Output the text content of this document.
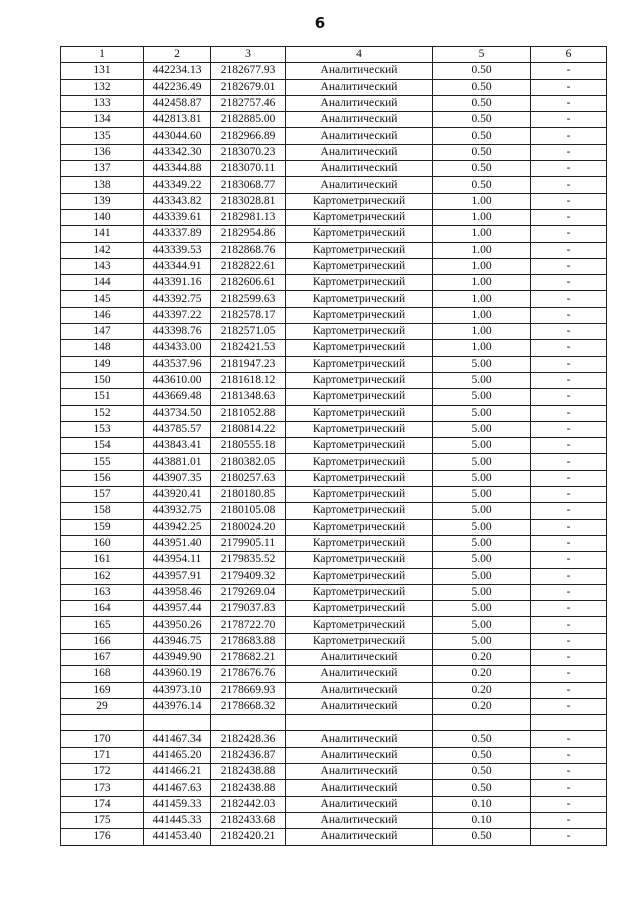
6
1	2	3	4	5	6
131	442234.13	2182677.93	Аналитический	0.50	-
132	442236.49	2182679.01	Аналитический	0.50	-
133	442458.87	2182757.46	Аналитический	0.50	-
134	442813.81	2182885.00	Аналитический	0.50	-
135	443044.60	2182966.89	Аналитический	0.50	-
136	443342.30	2183070.23	Аналитический	0.50	-
137	443344.88	2183070.11	Аналитический	0.50	-
138	443349.22	2183068.77	Аналитический	0.50	-
139	443343.82	2183028.81	Картометрический	1.00	-
140	443339.61	2182981.13	Картометрический	1.00	-
141	443337.89	2182954.86	Картометрический	1.00	-
142	443339.53	2182868.76	Картометрический	1.00	-
143	443344.91	2182822.61	Картометрический	1.00	-
144	443391.16	2182606.61	Картометрический	1.00	-
145	443392.75	2182599.63	Картометрический	1.00	-
146	443397.22	2182578.17	Картометрический	1.00	-
147	443398.76	2182571.05	Картометрический	1.00	-
148	443433.00	2182421.53	Картометрический	1.00	-
149	443537.96	2181947.23	Картометрический	5.00	-
150	443610.00	2181618.12	Картометрический	5.00	-
151	443669.48	2181348.63	Картометрический	5.00	-
152	443734.50	2181052.88	Картометрический	5.00	-
153	443785.57	2180814.22	Картометрический	5.00	-
154	443843.41	2180555.18	Картометрический	5.00	-
155	443881.01	2180382.05	Картометрический	5.00	-
156	443907.35	2180257.63	Картометрический	5.00	-
157	443920.41	2180180.85	Картометрический	5.00	-
158	443932.75	2180105.08	Картометрический	5.00	-
159	443942.25	2180024.20	Картометрический	5.00	-
160	443951.40	2179905.11	Картометрический	5.00	-
161	443954.11	2179835.52	Картометрический	5.00	-
162	443957.91	2179409.32	Картометрический	5.00	-
163	443958.46	2179269.04	Картометрический	5.00	-
164	443957.44	2179037.83	Картометрический	5.00	-
165	443950.26	2178722.70	Картометрический	5.00	-
166	443946.75	2178683.88	Картометрический	5.00	-
167	443949.90	2178682.21	Аналитический	0.20	-
168	443960.19	2178676.76	Аналитический	0.20	-
169	443973.10	2178669.93	Аналитический	0.20	-
29	443976.14	2178668.32	Аналитический	0.20	-

170	441467.34	2182428.36	Аналитический	0.50	-
171	441465.20	2182436.87	Аналитический	0.50	-
172	441466.21	2182438.88	Аналитический	0.50	-
173	441467.63	2182438.88	Аналитический	0.50	-
174	441459.33	2182442.03	Аналитический	0.10	-
175	441445.33	2182433.68	Аналитический	0.10	-
176	441453.40	2182420.21	Аналитический	0.50	-
